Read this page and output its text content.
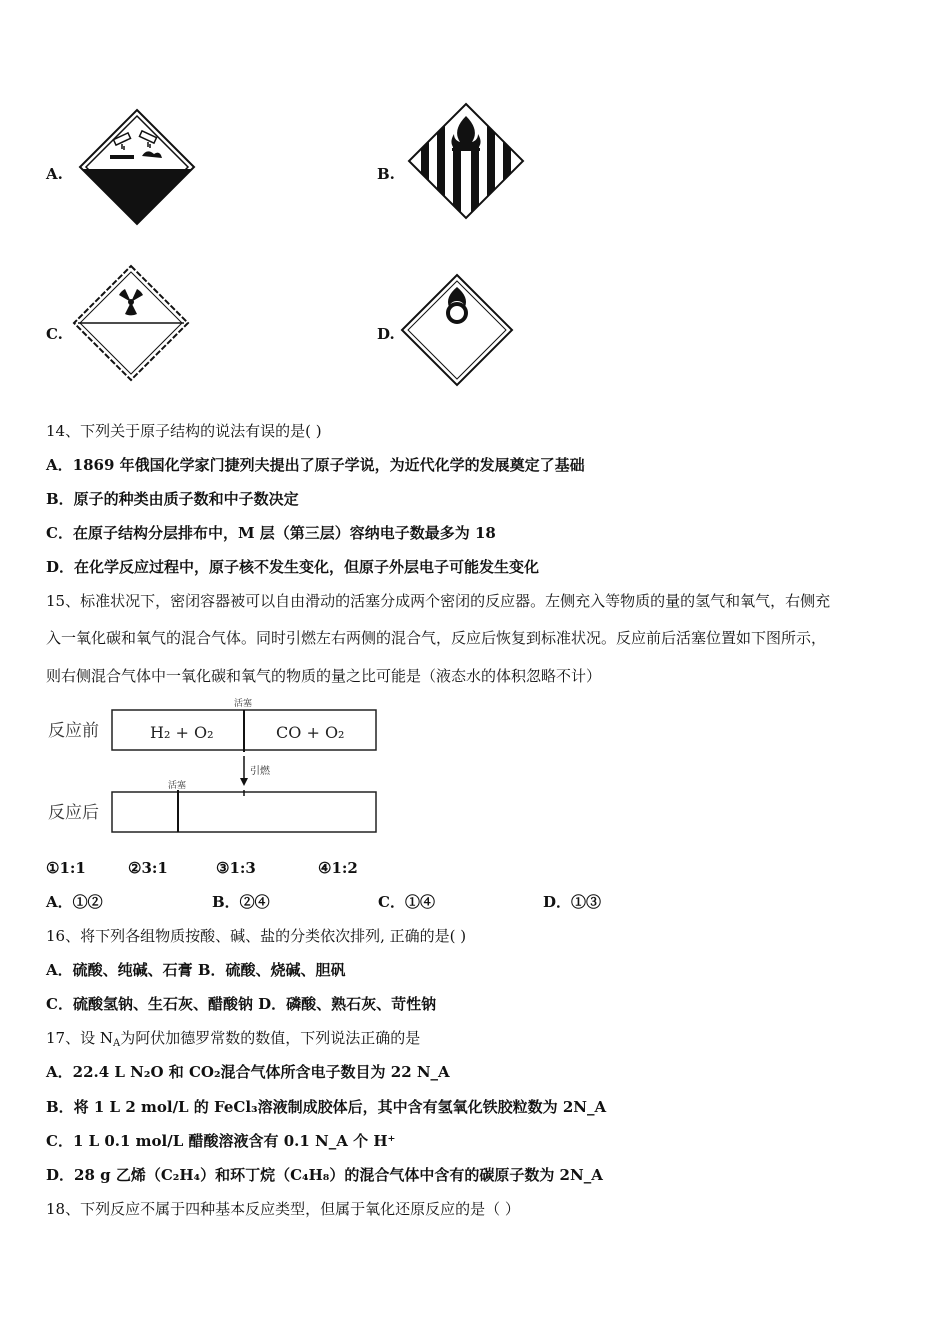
A.	B.
C.	D.
14、下列关于原子结构的说法有误的是( )
A．1869 年俄国化学家门捷列夫提出了原子学说，为近代化学的发展奠定了基础
B．原子的种类由质子数和中子数决定
C．在原子结构分层排布中，M 层（第三层）容纳电子数最多为 18
D．在化学反应过程中，原子核不发生变化，但原子外层电子可能发生变化
15、标准状况下，密闭容器被可以自由滑动的活塞分成两个密闭的反应器。左侧充入等物质的量的氢气和氧气，右侧充
入一氧化碳和氧气的混合气体。同时引燃左右两侧的混合气，反应后恢复到标准状况。反应前后活塞位置如下图所示，
则右侧混合气体中一氧化碳和氧气的物质的量之比可能是（液态水的体积忽略不计）
反应前
活塞
H₂ + O₂	CO + O₂
引燃
活塞
反应后
①1:1	②3:1	③1:3	④1:2
A．①②	B．②④	C．①④	D．①③
16、将下列各组物质按酸、碱、盐的分类依次排列, 正确的是( )
A．硫酸、纯碱、石膏 B．硫酸、烧碱、胆矾
C．硫酸氢钠、生石灰、醋酸钠 D．磷酸、熟石灰、苛性钠
17、设 $N_A$为阿伏加德罗常数的数值，下列说法正确的是
A．22.4 L N₂O 和 CO₂混合气体所含电子数目为 22 N_A
B．将 1 L 2 mol/L 的 FeCl₃溶液制成胶体后，其中含有氢氧化铁胶粒数为 2N_A
C．1 L 0.1 mol/L 醋酸溶液含有 0.1 N_A 个 H⁺
D．28 g 乙烯（C₂H₄）和环丁烷（C₄H₈）的混合气体中含有的碳原子数为 2N_A
18、下列反应不属于四种基本反应类型，但属于氧化还原反应的是（ ）
